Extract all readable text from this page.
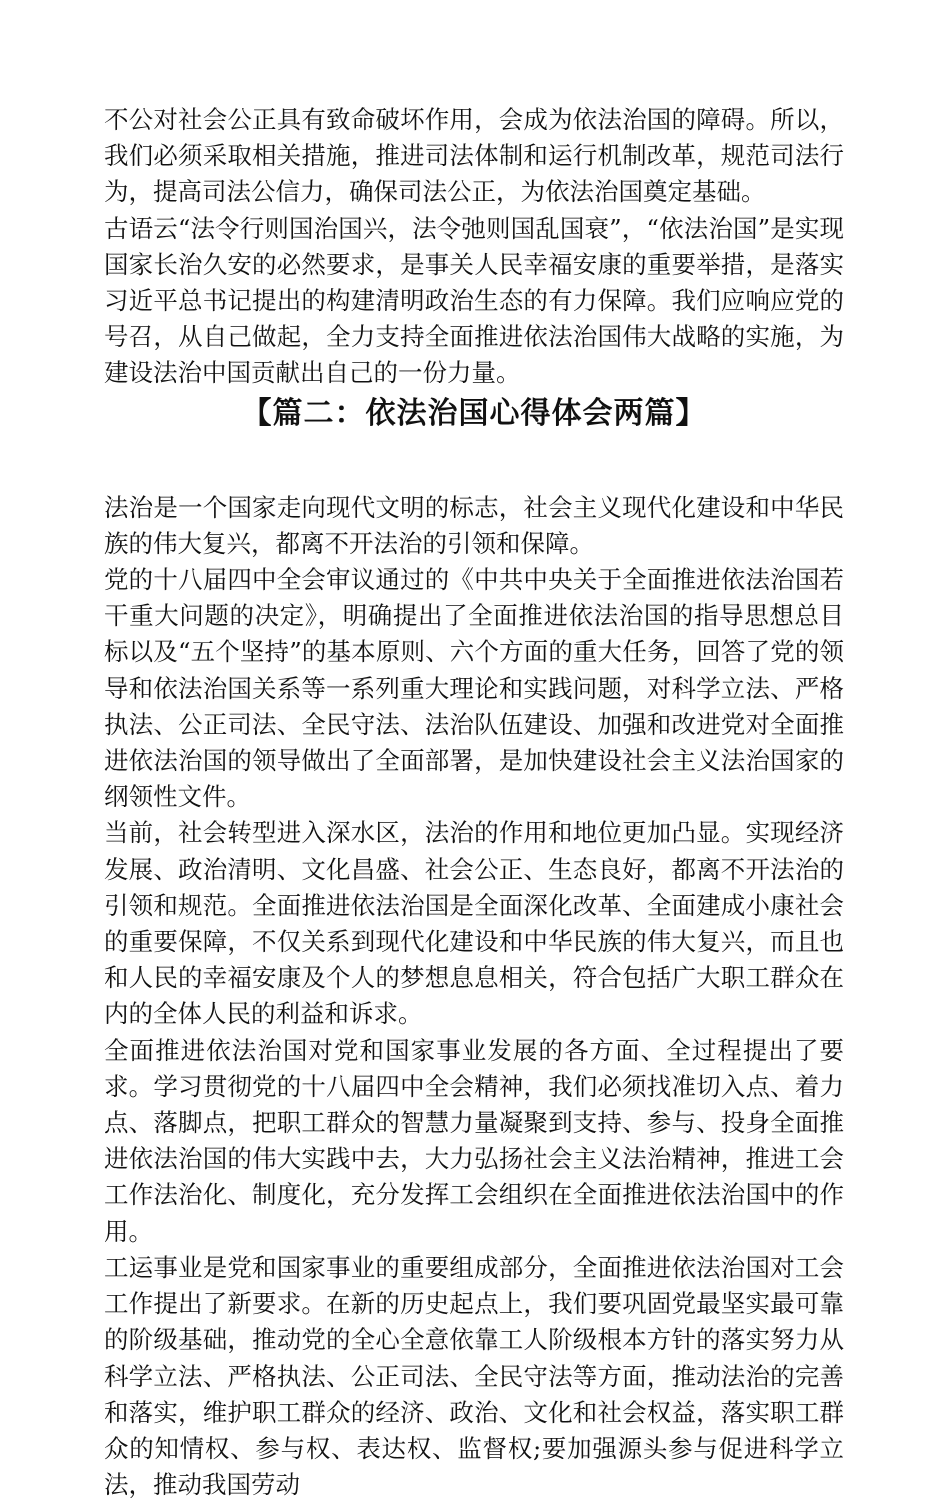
不公对社会公正具有致命破坏作用，会成为依法治国的障碍。所以，我们必须采取相关措施，推进司法体制和运行机制改革，规范司法行为，提高司法公信力，确保司法公正，为依法治国奠定基础。

古语云“法令行则国治国兴，法令弛则国乱国衰”，“依法治国”是实现国家长治久安的必然要求，是事关人民幸福安康的重要举措，是落实习近平总书记提出的构建清明政治生态的有力保障。我们应响应党的号召，从自己做起，全力支持全面推进依法治国伟大战略的实施，为建设法治中国贡献出自己的一份力量。

【篇二：依法治国心得体会两篇】

法治是一个国家走向现代文明的标志，社会主义现代化建设和中华民族的伟大复兴，都离不开法治的引领和保障。

党的十八届四中全会审议通过的《中共中央关于全面推进依法治国若干重大问题的决定》，明确提出了全面推进依法治国的指导思想总目标以及“五个坚持”的基本原则、六个方面的重大任务，回答了党的领导和依法治国关系等一系列重大理论和实践问题，对科学立法、严格执法、公正司法、全民守法、法治队伍建设、加强和改进党对全面推进依法治国的领导做出了全面部署，是加快建设社会主义法治国家的纲领性文件。

当前，社会转型进入深水区，法治的作用和地位更加凸显。实现经济发展、政治清明、文化昌盛、社会公正、生态良好，都离不开法治的引领和规范。全面推进依法治国是全面深化改革、全面建成小康社会的重要保障，不仅关系到现代化建设和中华民族的伟大复兴，而且也和人民的幸福安康及个人的梦想息息相关，符合包括广大职工群众在内的全体人民的利益和诉求。

全面推进依法治国对党和国家事业发展的各方面、全过程提出了要求。学习贯彻党的十八届四中全会精神，我们必须找准切入点、着力点、落脚点，把职工群众的智慧力量凝聚到支持、参与、投身全面推进依法治国的伟大实践中去，大力弘扬社会主义法治精神，推进工会工作法治化、制度化，充分发挥工会组织在全面推进依法治国中的作用。

工运事业是党和国家事业的重要组成部分，全面推进依法治国对工会工作提出了新要求。在新的历史起点上，我们要巩固党最坚实最可靠的阶级基础，推动党的全心全意依靠工人阶级根本方针的落实努力从科学立法、严格执法、公正司法、全民守法等方面，推动法治的完善和落实，维护职工群众的经济、政治、文化和社会权益，落实职工群众的知情权、参与权、表达权、监督权;要加强源头参与促进科学立法，推动我国劳动
